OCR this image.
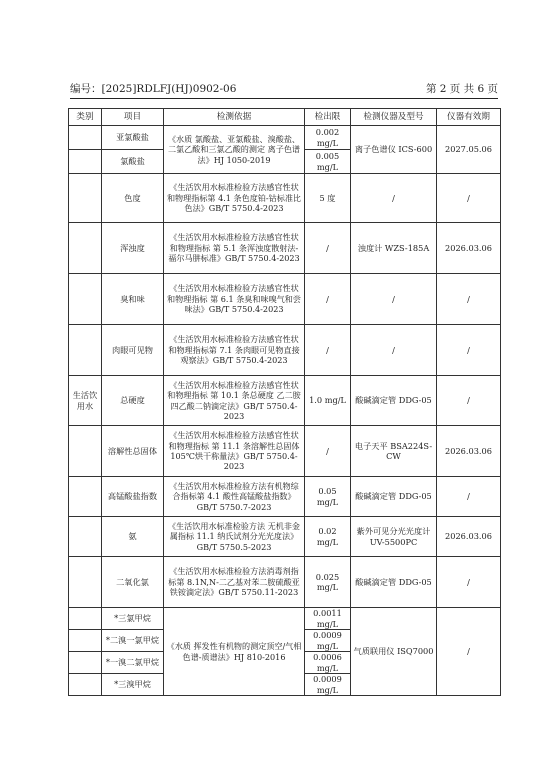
编号：[2025]RDLFJ(HJ)0902-06	第 2 页 共 6 页
类别	项目	检测依据	检出限	检测仪器及型号	仪器有效期
	亚氯酸盐	《水质 氯酸盐、亚氯酸盐、溴酸盐、二氯乙酸和三氯乙酸的测定 离子色谱法》HJ 1050-2019	0.002 mg/L	离子色谱仪 ICS-600	2027.05.06
	氯酸盐		0.005 mg/L		
	色度	《生活饮用水标准检验方法感官性状和物理指标第 4.1 条色度铂-钴标准比色法》GB/T 5750.4-2023	5 度	/	/
	浑浊度	《生活饮用水标准检验方法感官性状和物理指标 第 5.1 条浑浊度散射法-福尔马肼标准》GB/T 5750.4-2023	/	浊度计 WZS-185A	2026.03.06
	臭和味	《生活饮用水标准检验方法感官性状和物理指标 第 6.1 条臭和味嗅气和尝味法》GB/T 5750.4-2023	/	/	/
	肉眼可见物	《生活饮用水标准检验方法感官性状和物理指标第 7.1 条肉眼可见物直接观察法》GB/T 5750.4-2023	/	/	/
生活饮用水	总硬度	《生活饮用水标准检验方法感官性状和物理指标 第 10.1 条总硬度 乙二胺四乙酸二钠滴定法》GB/T 5750.4-2023	1.0 mg/L	酸碱滴定管 DDG-05	/
	溶解性总固体	《生活饮用水标准检验方法感官性状和物理指标 第 11.1 条溶解性总固体 105℃烘干称量法》GB/T 5750.4-2023	/	电子天平 BSA224S-CW	2026.03.06
	高锰酸盐指数	《生活饮用水标准检验方法有机物综合指标第 4.1 酸性高锰酸盐指数》GB/T 5750.7-2023	0.05 mg/L	酸碱滴定管 DDG-05	/
	氨	《生活饮用水标准检验方法 无机非金属指标 11.1 纳氏试剂分光光度法》GB/T 5750.5-2023	0.02 mg/L	紫外可见分光光度计 UV-5500PC	2026.03.06
	二氧化氯	《生活饮用水标准检验方法消毒剂指标第 8.1N,N-二乙基对苯二胺硫酸亚铁铵滴定法》GB/T 5750.11-2023	0.025 mg/L	酸碱滴定管 DDG-05	/
	*三氯甲烷	《水质 挥发性有机物的测定顶空/气相色谱-质谱法》HJ 810-2016	0.0011 mg/L	气质联用仪 ISQ7000	/
	*二溴一氯甲烷		0.0009 mg/L		
	*一溴二氯甲烷		0.0006 mg/L		
	*三溴甲烷		0.0009 mg/L		
